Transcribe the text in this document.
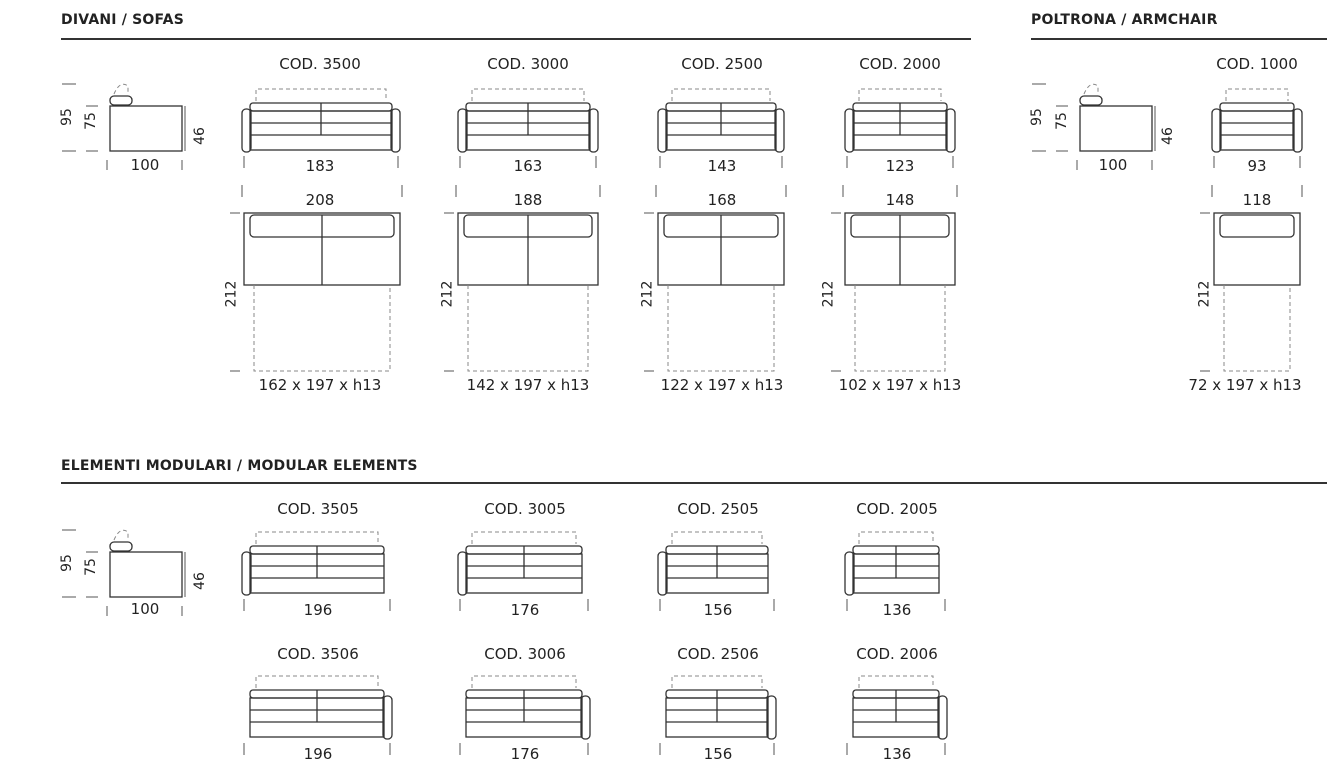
DIVANI / SOFAS	POLTRONA / ARMCHAIR
ELEMENTI MODULARI / MODULAR ELEMENTS
95 75
46
100
95 75
46
100
95 75
46
100
COD. 3500
183
208
212
162 x 197 x h13
COD. 3000
163
188
212
142 x 197 x h13
COD. 2500
143
168
212
122 x 197 x h13
COD. 2000
123
148
212
102 x 197 x h13
COD. 1000
93
118
212
72 x 197 x h13
COD. 3505
196
COD. 3005
176
COD. 2505
156
COD. 2005
136
COD. 3506
196
COD. 3006
176
COD. 2506
156
COD. 2006
136
